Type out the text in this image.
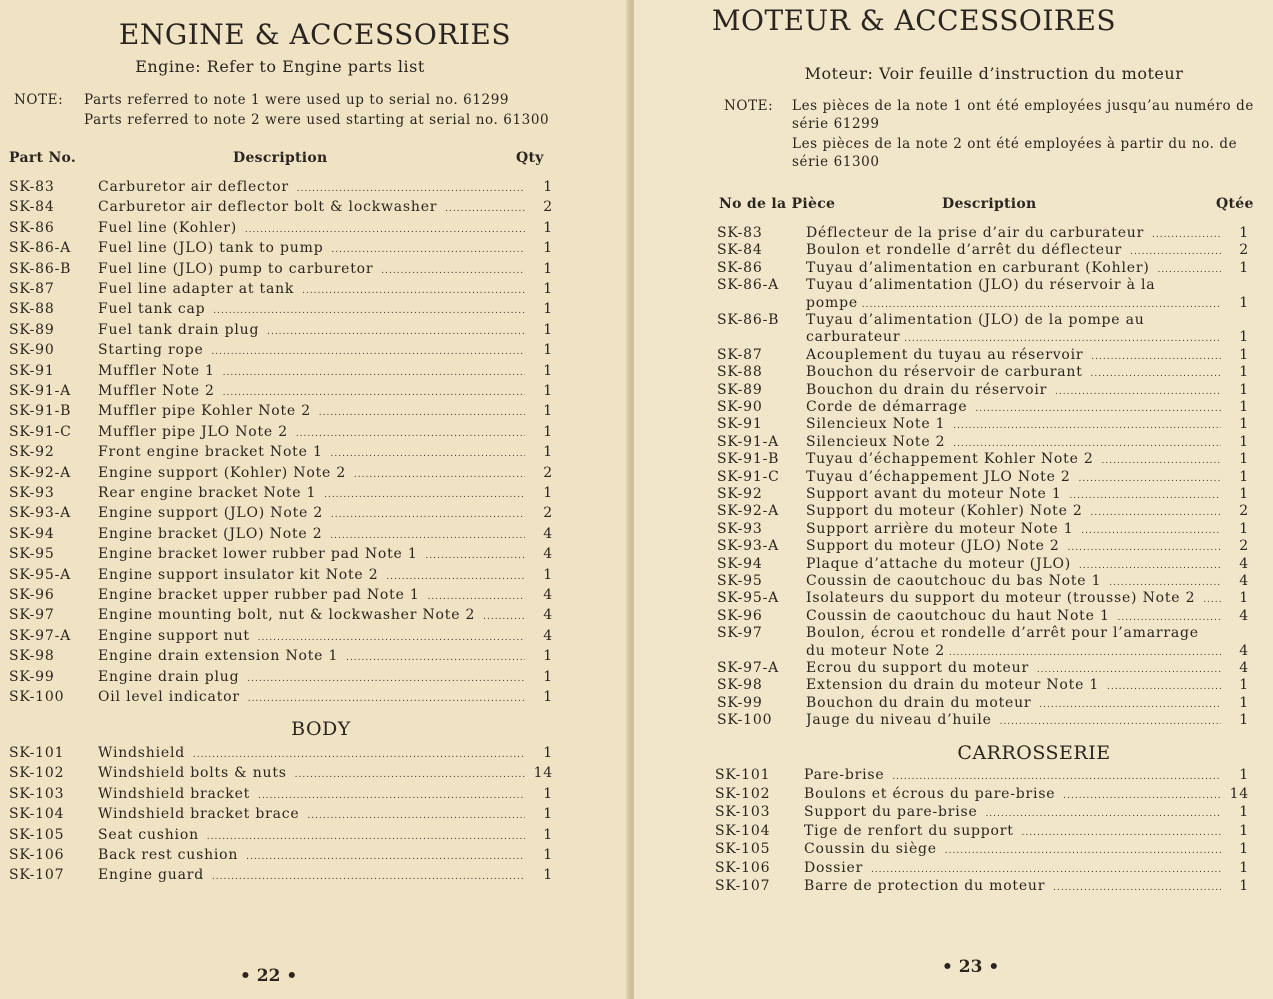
ENGINE & ACCESSORIES
Engine: Refer to Engine parts list
NOTE: Parts referred to note 1 were used up to serial no. 61299
Parts referred to note 2 were used starting at serial no. 61300
Part No.	Description	Qty
SK-83	Carburetor air deflector .....	1
SK-84	Carburetor air deflector bolt & lockwasher .....	2
SK-86	Fuel line (Kohler) .....	1
SK-86-A Fuel line (JLO) tank to pump .....	1
SK-86-B Fuel line (JLO) pump to carburetor .....	1
SK-87	Fuel line adapter at tank .....	1
SK-88	Fuel tank cap .....	1
SK-89	Fuel tank drain plug .....	1
SK-90	Starting rope .....	1
SK-91	Muffler Note 1 .....	1
SK-91-A Muffler Note 2 .....	1
SK-91-B Muffler pipe Kohler Note 2 .....	1
SK-91-C Muffler pipe JLO Note 2 .....	1
SK-92	Front engine bracket Note 1 .....	1
SK-92-A Engine support (Kohler) Note 2 .....	2
SK-93	Rear engine bracket Note 1 .....	1
SK-93-A Engine support (JLO) Note 2 .....	2
SK-94	Engine bracket (JLO) Note 2 .....	4
SK-95	Engine bracket lower rubber pad Note 1 .....	4
SK-95-A Engine support insulator kit Note 2 .....	1
SK-96	Engine bracket upper rubber pad Note 1 .....	4
SK-97	Engine mounting bolt, nut & lockwasher Note 2 .....	4
SK-97-A Engine support nut .....	4
SK-98	Engine drain extension Note 1 .....	1
SK-99	Engine drain plug .....	1
SK-100 Oil level indicator .....	1
BODY
SK-101 Windshield .....	1
SK-102 Windshield bolts & nuts .....	14
SK-103 Windshield bracket .....	1
SK-104 Windshield bracket brace .....	1
SK-105 Seat cushion .....	1
SK-106 Back rest cushion .....	1
SK-107 Engine guard .....	1
• 22 •
MOTEUR & ACCESSOIRES
Moteur: Voir feuille d’instruction du moteur
NOTE: Les pièces de la note 1 ont été employées jusqu’au numéro de série 61299
Les pièces de la note 2 ont été employées à partir du no. de série 61300
No de la Pièce	Description	Qtée
SK-83	Déflecteur de la prise d’air du carburateur .....	1
SK-84	Boulon et rondelle d’arrêt du déflecteur .....	2
SK-86	Tuyau d’alimentation en carburant (Kohler) .....	1
SK-86-A Tuyau d’alimentation (JLO) du réservoir à la
pompe .....	1
SK-86-B Tuyau d’alimentation (JLO) de la pompe au
carburateur .....	1
SK-87	Acouplement du tuyau au réservoir .....	1
SK-88	Bouchon du réservoir de carburant .....	1
SK-89	Bouchon du drain du réservoir .....	1
SK-90	Corde de démarrage .....	1
SK-91	Silencieux Note 1 .....	1
SK-91-A Silencieux Note 2 .....	1
SK-91-B Tuyau d’échappement Kohler Note 2 .....	1
SK-91-C Tuyau d’échappement JLO Note 2 .....	1
SK-92	Support avant du moteur Note 1 .....	1
SK-92-A Support du moteur (Kohler) Note 2 .....	2
SK-93	Support arrière du moteur Note 1 .....	1
SK-93-A Support du moteur (JLO) Note 2 .....	2
SK-94	Plaque d’attache du moteur (JLO) .....	4
SK-95	Coussin de caoutchouc du bas Note 1 .....	4
SK-95-A Isolateurs du support du moteur (trousse) Note 2 .....	1
SK-96	Coussin de caoutchouc du haut Note 1 .....	4
SK-97	Boulon, écrou et rondelle d’arrêt pour l’amarrage
du moteur Note 2 .....	4
SK-97-A Ecrou du support du moteur .....	4
SK-98	Extension du drain du moteur Note 1 .....	1
SK-99	Bouchon du drain du moteur .....	1
SK-100 Jauge du niveau d’huile .....	1
CARROSSERIE
SK-101 Pare-brise .....	1
SK-102 Boulons et écrous du pare-brise .....	14
SK-103 Support du pare-brise .....	1
SK-104 Tige de renfort du support .....	1
SK-105 Coussin du siège .....	1
SK-106 Dossier .....	1
SK-107 Barre de protection du moteur .....	1
• 23 •
